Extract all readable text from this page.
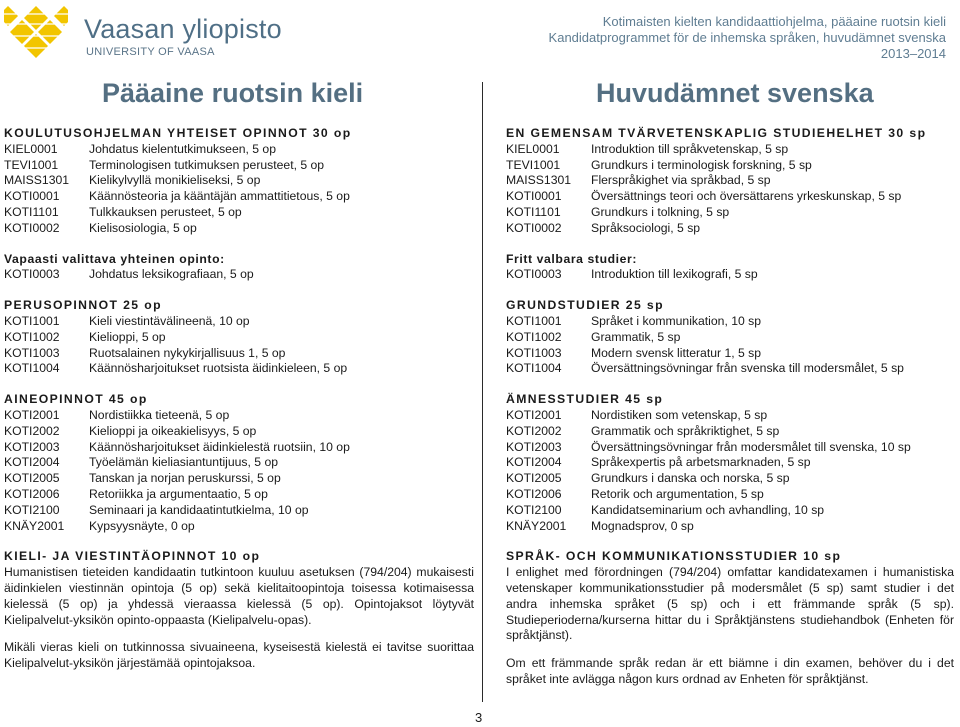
Vaasan yliopisto
UNIVERSITY OF VAASA
Kotimaisten kielten kandidaattiohjelma, pääaine ruotsin kieli
Kandidatprogrammet för de inhemska språken, huvudämnet svenska
2013–2014
Pääaine ruotsin kieli	Huvudämnet svenska
KOULUTUSOHJELMAN YHTEISET OPINNOT 30 op
KIEL0001	Johdatus kielentutkimukseen, 5 op
TEVI1001	Terminologisen tutkimuksen perusteet, 5 op
MAISS1301	Kielikylvyllä monikieliseksi, 5 op
KOTI0001	Käännösteoria ja kääntäjän ammattitietous, 5 op
KOTI1101	Tulkkauksen perusteet, 5 op
KOTI0002	Kielisosiologia, 5 op
Vapaasti valittava yhteinen opinto:
KOTI0003	Johdatus leksikografiaan, 5 op
PERUSOPINNOT 25 op
KOTI1001	Kieli viestintävälineenä, 10 op
KOTI1002	Kielioppi, 5 op
KOTI1003	Ruotsalainen nykykirjallisuus 1, 5 op
KOTI1004	Käännösharjoitukset ruotsista äidinkieleen, 5 op
AINEOPINNOT 45 op
KOTI2001	Nordistiikka tieteenä, 5 op
KOTI2002	Kielioppi ja oikeakielisyys, 5 op
KOTI2003	Käännösharjoitukset äidinkielestä ruotsiin, 10 op
KOTI2004	Työelämän kieliasiantuntijuus, 5 op
KOTI2005	Tanskan ja norjan peruskurssi, 5 op
KOTI2006	Retoriikka ja argumentaatio, 5 op
KOTI2100	Seminaari ja kandidaatintutkielma, 10 op
KNÄY2001	Kypsyysnäyte, 0 op
KIELI- JA VIESTINTÄOPINNOT 10 op

Humanistisen tieteiden kandidaatin tutkintoon kuuluu asetuksen (794/204) mukaisesti äidinkielen viestinnän opintoja (5 op) sekä kielitaitoopintoja toisessa kotimaisessa kielessä (5 op) ja yhdessä vieraassa kielessä (5 op). Opintojaksot löytyvät Kielipalvelut-yksikön opinto-oppaasta (Kielipalvelu-opas).

Mikäli vieras kieli on tutkinnossa sivuaineena, kyseisestä kielestä ei tavitse suorittaa Kielipalvelut-yksikön järjestämää opintojaksoa.

EN GEMENSAM TVÄRVETENSKAPLIG STUDIEHELHET 30 sp
KIEL0001	Introduktion till språkvetenskap, 5 sp
TEVI1001	Grundkurs i terminologisk forskning, 5 sp
MAISS1301	Flerspråkighet via språkbad, 5 sp
KOTI0001	Översättnings teori och översättarens yrkeskunskap, 5 sp
KOTI1101	Grundkurs i tolkning, 5 sp
KOTI0002	Språksociologi, 5 sp
Fritt valbara studier:
KOTI0003	Introduktion till lexikografi, 5 sp
GRUNDSTUDIER 25 sp
KOTI1001	Språket i kommunikation, 10 sp
KOTI1002	Grammatik, 5 sp
KOTI1003	Modern svensk litteratur 1, 5 sp
KOTI1004	Översättningsövningar från svenska till modersmålet, 5 sp
ÄMNESSTUDIER 45 sp
KOTI2001	Nordistiken som vetenskap, 5 sp
KOTI2002	Grammatik och språkriktighet, 5 sp
KOTI2003	Översättningsövningar från modersmålet till svenska, 10 sp
KOTI2004	Språkexpertis på arbetsmarknaden, 5 sp
KOTI2005	Grundkurs i danska och norska, 5 sp
KOTI2006	Retorik och argumentation, 5 sp
KOTI2100	Kandidatseminarium och avhandling, 10 sp
KNÄY2001	Mognadsprov, 0 sp
SPRÅK- OCH KOMMUNIKATIONSSTUDIER 10 sp

I enlighet med förordningen (794/204) omfattar kandidatexamen i humanistiska vetenskaper kommunikationsstudier på modersmålet (5 sp) samt studier i det andra inhemska språket (5 sp) och i ett främmande språk (5 sp). Studieperioderna/kurserna hittar du i Språktjänstens studiehandbok (Enheten för språktjänst).

Om ett främmande språk redan är ett biämne i din examen, behöver du i det språket inte avlägga någon kurs ordnad av Enheten för språktjänst.

3
